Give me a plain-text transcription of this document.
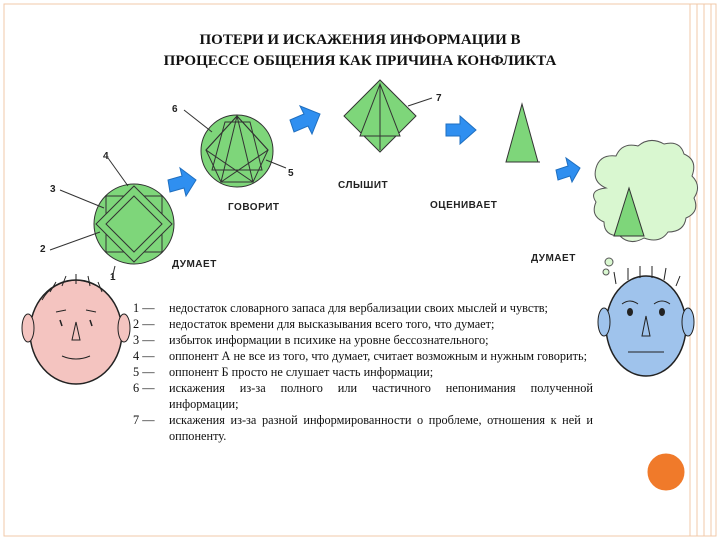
ПОТЕРИ И ИСКАЖЕНИЯ ИНФОРМАЦИИ В
ПРОЦЕССЕ ОБЩЕНИЯ КАК ПРИЧИНА КОНФЛИКТА
ДУМАЕТ
ГОВОРИТ
СЛЫШИТ
ОЦЕНИВАЕТ
ДУМАЕТ
1
2
3
4
5
6
7
1 —	недостаток словарного запаса для вербализации своих мыслей и чувств;
2 —	недостаток времени для высказывания всего того, что думает;
3 —	избыток информации в психике на уровне бессознательного;
4 —	оппонент А не все из того, что думает, считает возможным и нужным говорить;
5 —	оппонент Б просто не слушает часть информации;
6 —	искажения из-за полного или частичного непонимания полученной информации;
7 —	искажения из-за разной информированности о проблеме, отношения к ней и оппоненту.
